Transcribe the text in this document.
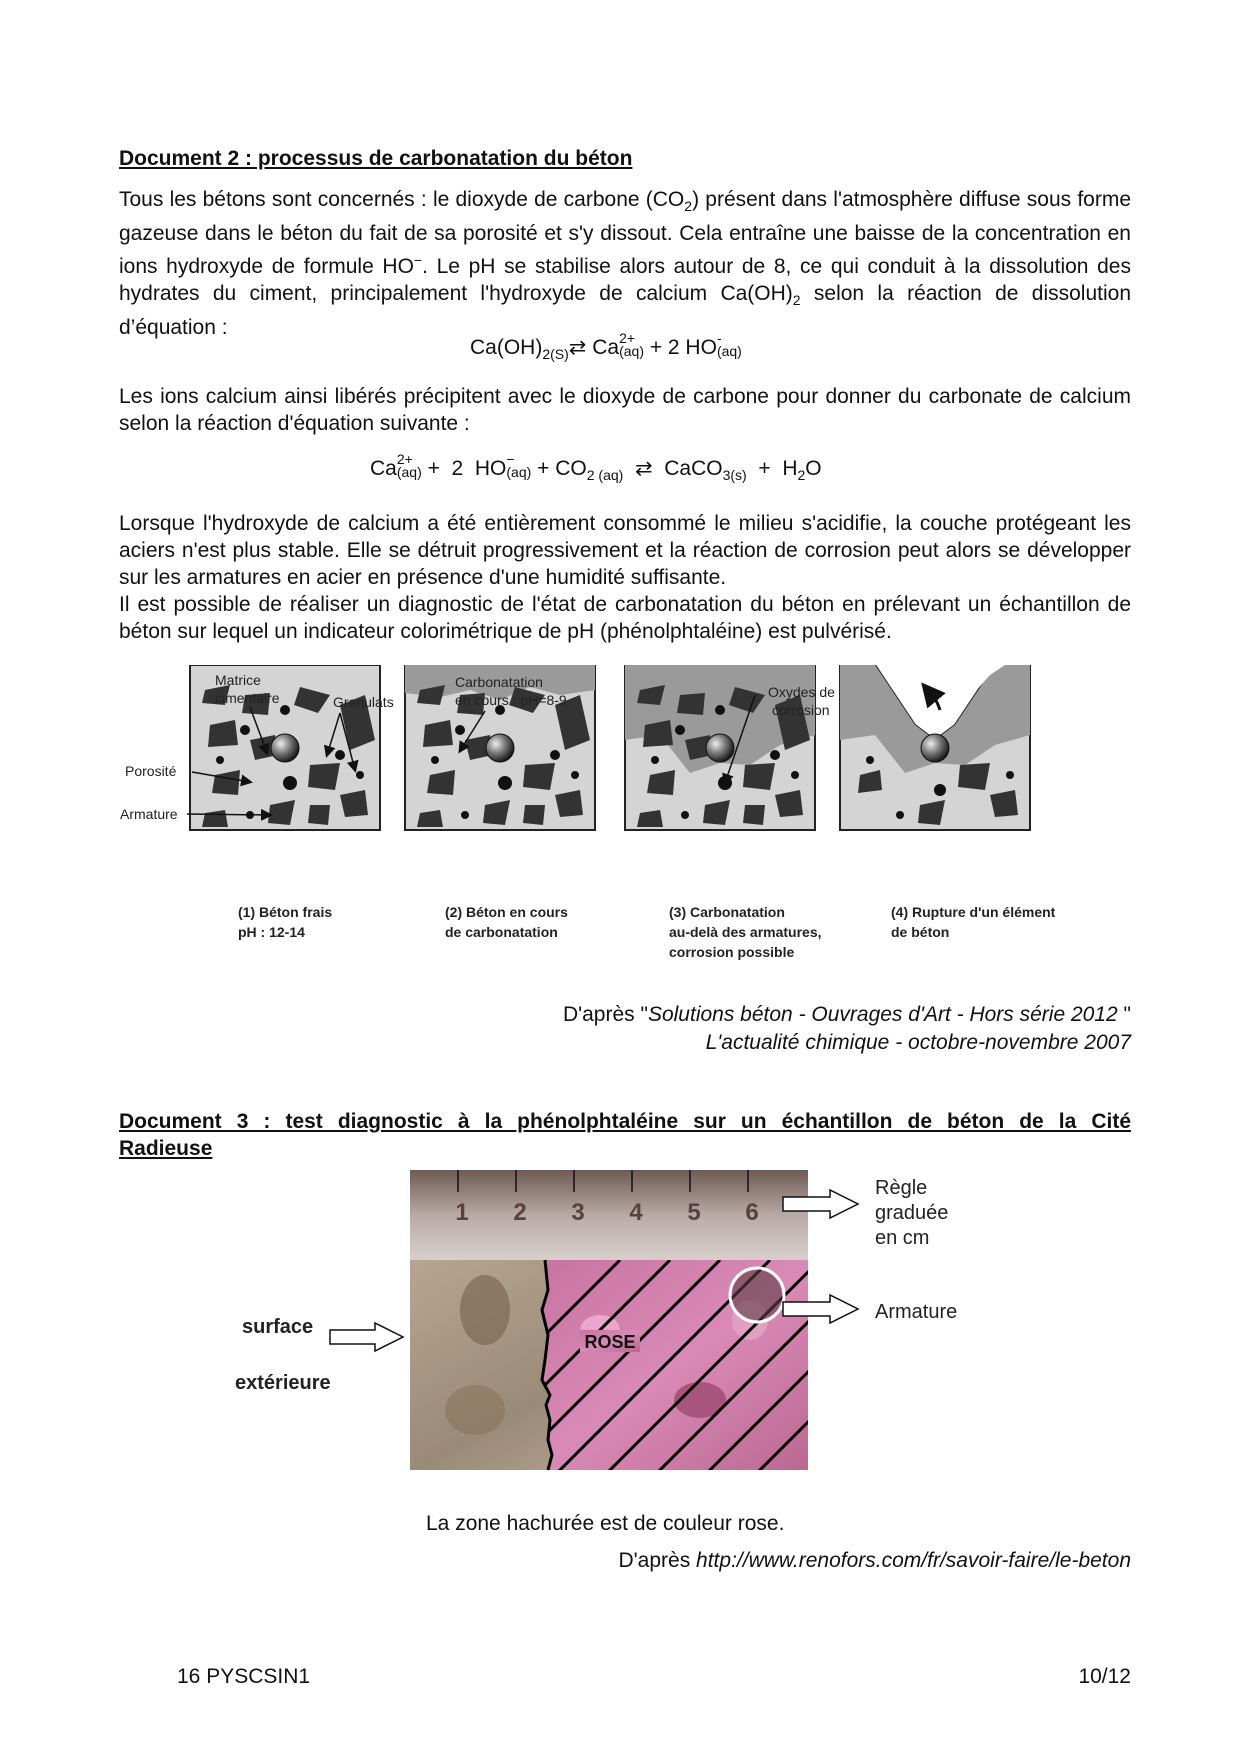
Document 2 : processus de carbonatation du béton

Tous les bétons sont concernés : le dioxyde de carbone $(CO_2)$ présent dans l'atmosphère diffuse sous forme gazeuse dans le béton du fait de sa porosité et s'y dissout. Cela entraîne une baisse de la concentration en ions hydroxyde de formule HO−. Le pH se stabilise alors autour de 8, ce qui conduit à la dissolution des hydrates du ciment, principalement l'hydroxyde de calcium $Ca(OH)_2$ selon la réaction de dissolution d’équation :

$Ca(OH)_{2(S)}⇄$ Ca 2+
(aq) + 2 HO -
(aq)

Les ions calcium ainsi libérés précipitent avec le dioxyde de carbone pour donner du carbonate de calcium selon la réaction d'équation suivante :

Ca 2+
(aq) +  2  HO −
$(aq) + CO_{2 (aq)}$  ⇄  CaCO$_{3(s)}$  +  $H_2O$

Lorsque l'hydroxyde de calcium a été entièrement consommé le milieu s'acidifie, la couche protégeant les aciers n'est plus stable. Elle se détruit progressivement et la réaction de corrosion peut alors se développer sur les armatures en acier en présence d'une humidité suffisante.

Il est possible de réaliser un diagnostic de l'état de carbonatation du béton en prélevant un échantillon de béton sur lequel un indicateur colorimétrique de pH (phénolphtaléine) est pulvérisé.

Matrice
cimentaire	Granulats
Porosité
Armature
Carbonatation
en cours : pH=8-9	Oxydes de
corrosion
(1) Béton frais
pH : 12-14
(2) Béton en cours
de carbonatation
(3) Carbonatation
au-delà des armatures,
corrosion possible
(4) Rupture d'un élément
de béton
D'après "Solutions béton - Ouvrages d'Art - Hors série 2012 "
L'actualité chimique - octobre-novembre 2007
Document 3 : test diagnostic à la phénolphtaléine sur un échantillon de béton de la Cité
Radieuse
1 2 3 4 5 6
ROSE
Règle
graduée
en cm
Armature
surface
extérieure
La zone hachurée est de couleur rose.
D'après http://www.renofors.com/fr/savoir-faire/le-beton
16 PYSCSIN1	10/12
